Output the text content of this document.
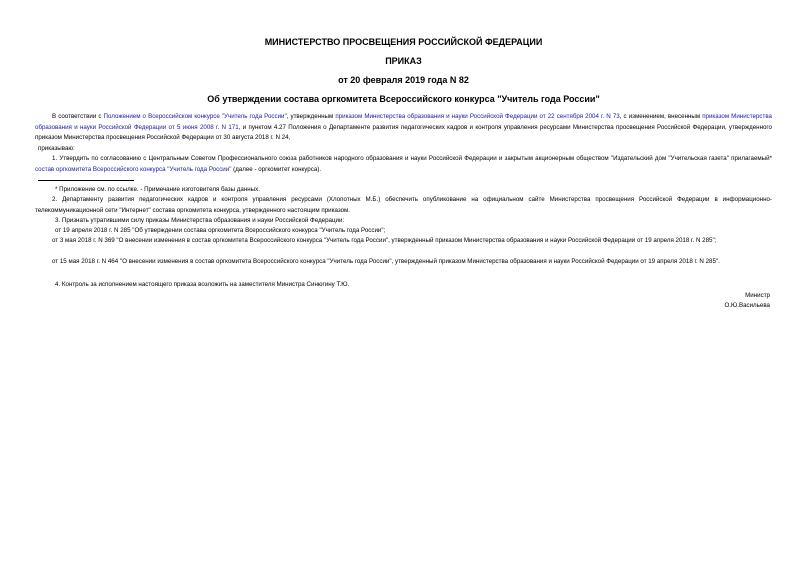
МИНИСТЕРСТВО ПРОСВЕЩЕНИЯ РОССИЙСКОЙ ФЕДЕРАЦИИ
ПРИКАЗ
от 20 февраля 2019 года N 82
Об утверждении состава оргкомитета Всероссийского конкурса "Учитель года России"
В соответствии с Положением о Всероссийском конкурсе "Учитель года России", утвержденным приказом Министерства образования и науки Российской Федерации от 22 сентября 2004 г. N 73, с изменением, внесенным приказом Министерства образования и науки Российской Федерации от 5 июня 2008 г. N 171, и пунктом 4.27 Положения о Департаменте развития педагогических кадров и контроля управления ресурсами Министерства просвещения Российской Федерации, утвержденного приказом Министерства просвещения Российской Федерации от 30 августа 2018 г. N 24,
приказываю:
1. Утвердить по согласованию с Центральным Советом Профессионального союза работников народного образования и науки Российской Федерации и закрытым акционерным обществом "Издательский дом "Учительская газета" прилагаемый* состав оргкомитета Всероссийского конкурса "Учитель года России" (далее - оргкомитет конкурса).
* Приложение см. по ссылке. - Примечание изготовителя базы данных.
2. Департаменту развития педагогических кадров и контроля управления ресурсами (Хлопотных М.Б.) обеспечить опубликование на официальном сайте Министерства просвещения Российской Федерации в информационно-телекоммуникационной сети "Интернет" состава оргкомитета конкурса, утвержденного настоящим приказом.
3. Признать утратившими силу приказы Министерства образования и науки Российской Федерации:
от 19 апреля 2018 г. N 285 "Об утверждении состава оргкомитета Всероссийского конкурса "Учитель года России";
от 3 мая 2018 г. N 369 "О внесении изменения в состав оргкомитета Всероссийского конкурса "Учитель года России", утвержденный приказом Министерства образования и науки Российской Федерации от 19 апреля 2018 г. N 285";
от 15 мая 2018 г. N 464 "О внесении изменения в состав оргкомитета Всероссийского конкурса "Учитель года России", утвержденный приказом Министерства образования и науки Российской Федерации от 19 апреля 2018 г. N 285".
4. Контроль за исполнением настоящего приказа возложить на заместителя Министра Синюгину Т.Ю.
Министр
О.Ю.Васильева
